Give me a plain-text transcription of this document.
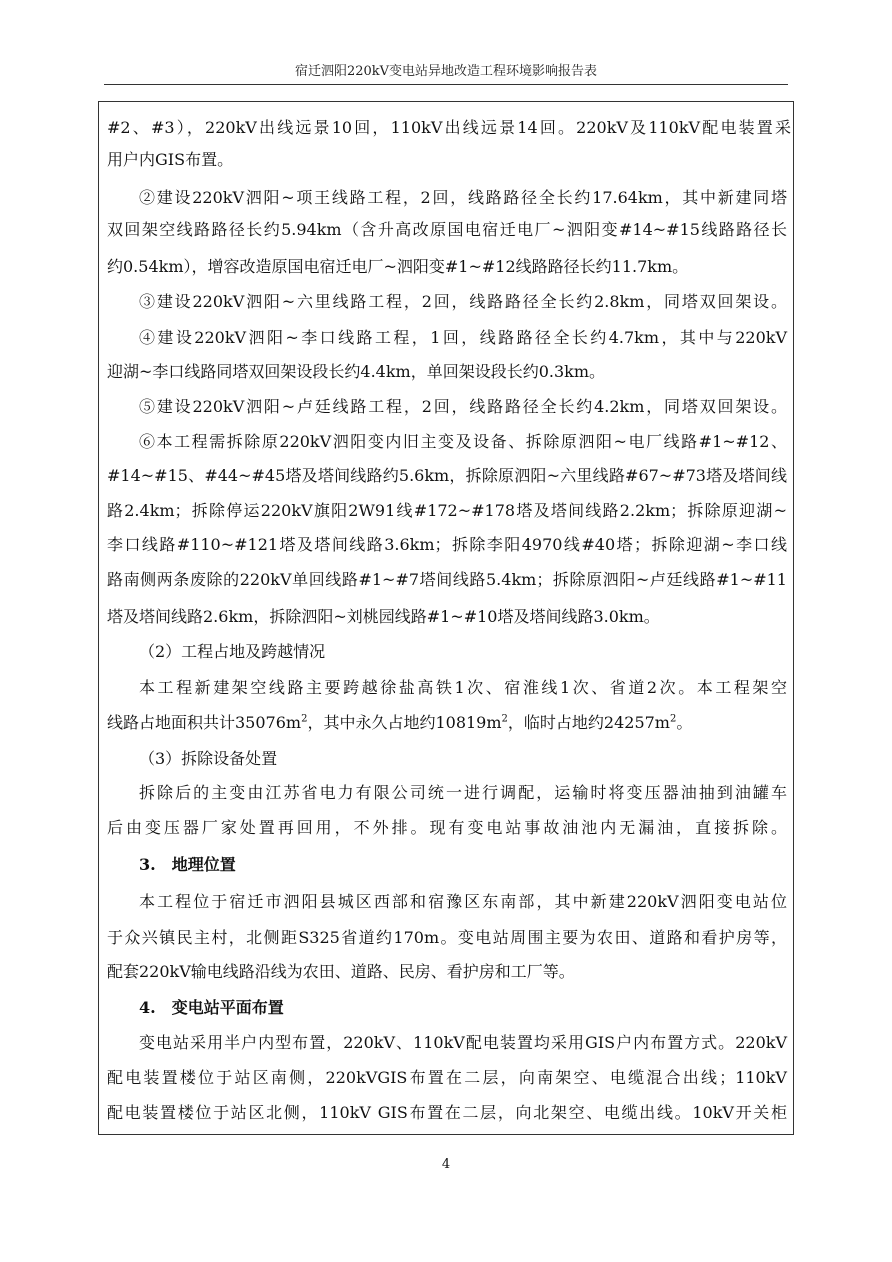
宿迁泗阳220kV变电站异地改造工程环境影响报告表
#2、#3），220kV出线远景10回，110kV出线远景14回。220kV及110kV配电装置采
用户内GIS布置。
②建设220kV泗阳~项王线路工程，2回，线路路径全长约17.64km，其中新建同塔
双回架空线路路径长约5.94km（含升高改原国电宿迁电厂~泗阳变#14~#15线路路径长
约0.54km），增容改造原国电宿迁电厂~泗阳变#1~#12线路路径长约11.7km。
③建设220kV泗阳~六里线路工程，2回，线路路径全长约2.8km，同塔双回架设。
④建设220kV泗阳~李口线路工程，1回，线路路径全长约4.7km，其中与220kV
迎湖~李口线路同塔双回架设段长约4.4km，单回架设段长约0.3km。
⑤建设220kV泗阳~卢廷线路工程，2回，线路路径全长约4.2km，同塔双回架设。
⑥本工程需拆除原220kV泗阳变内旧主变及设备、拆除原泗阳~电厂线路#1~#12、
#14~#15、#44~#45塔及塔间线路约5.6km，拆除原泗阳~六里线路#67~#73塔及塔间线
路2.4km；拆除停运220kV旗阳2W91线#172~#178塔及塔间线路2.2km；拆除原迎湖~
李口线路#110~#121塔及塔间线路3.6km；拆除李阳4970线#40塔；拆除迎湖~李口线
路南侧两条废除的220kV单回线路#1~#7塔间线路5.4km；拆除原泗阳~卢廷线路#1~#11
塔及塔间线路2.6km，拆除泗阳~刘桃园线路#1~#10塔及塔间线路3.0km。
（2）工程占地及跨越情况
本工程新建架空线路主要跨越徐盐高铁1次、宿淮线1次、省道2次。本工程架空
线路占地面积共计$35076m^2$，其中永久占地约$10819m^2$，临时占地约$24257m^2$。
（3）拆除设备处置
拆除后的主变由江苏省电力有限公司统一进行调配，运输时将变压器油抽到油罐车
后由变压器厂家处置再回用，不外排。现有变电站事故油池内无漏油，直接拆除。
3.　地理位置
本工程位于宿迁市泗阳县城区西部和宿豫区东南部，其中新建220kV泗阳变电站位
于众兴镇民主村，北侧距S325省道约170m。变电站周围主要为农田、道路和看护房等，
配套220kV输电线路沿线为农田、道路、民房、看护房和工厂等。
4.　变电站平面布置
变电站采用半户内型布置，220kV、110kV配电装置均采用GIS户内布置方式。220kV
配电装置楼位于站区南侧，220kVGIS布置在二层，向南架空、电缆混合出线；110kV
配电装置楼位于站区北侧，110kV GIS布置在二层，向北架空、电缆出线。10kV开关柜
4
